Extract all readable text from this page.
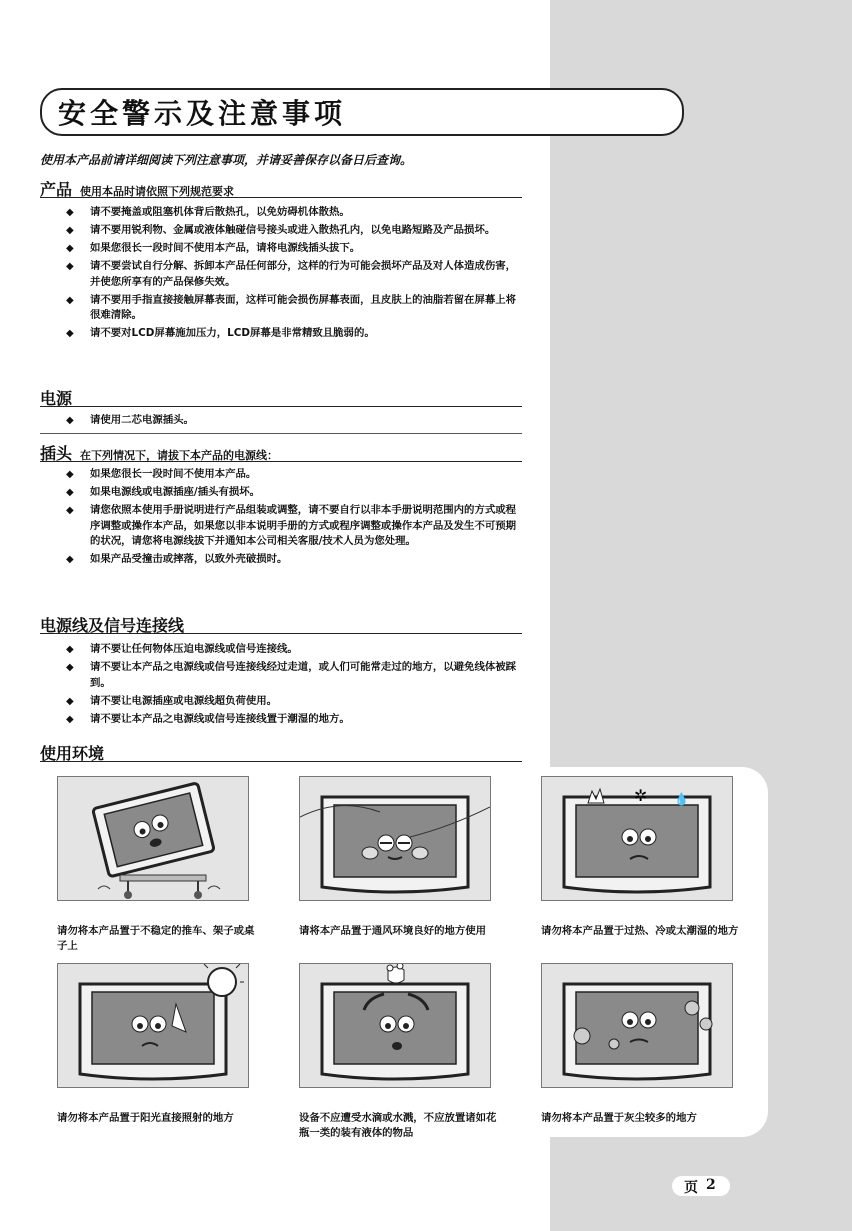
安全警示及注意事项
使用本产品前请详细阅读下列注意事项，并请妥善保存以备日后查询。
产品 使用本品时请依照下列规范要求
◆ 请不要掩盖或阻塞机体背后散热孔，以免妨碍机体散热。
◆ 请不要用锐利物、金属或液体触碰信号接头或进入散热孔内，以免电路短路及产品损坏。
◆ 如果您很长一段时间不使用本产品，请将电源线插头拔下。
◆ 请不要尝试自行分解、拆卸本产品任何部分，这样的行为可能会损坏产品及对人体造成伤害，并使您所享有的产品保修失效。
◆ 请不要用手指直接接触屏幕表面，这样可能会损伤屏幕表面，且皮肤上的油脂若留在屏幕上将很难清除。
◆ 请不要对LCD屏幕施加压力，LCD屏幕是非常精致且脆弱的。
电源
◆ 请使用二芯电源插头。
插头 在下列情况下，请拔下本产品的电源线：
◆ 如果您很长一段时间不使用本产品。
◆ 如果电源线或电源插座/插头有损坏。
◆ 请您依照本使用手册说明进行产品组装或调整，请不要自行以非本手册说明范围内的方式或程序调整或操作本产品，如果您以非本说明手册的方式或程序调整或操作本产品及发生不可预期的状况，请您将电源线拔下并通知本公司相关客服/技术人员为您处理。
◆ 如果产品受撞击或摔落，以致外壳破损时。
电源线及信号连接线
◆ 请不要让任何物体压迫电源线或信号连接线。
◆ 请不要让本产品之电源线或信号连接线经过走道，或人们可能常走过的地方，以避免线体被踩到。
◆ 请不要让电源插座或电源线超负荷使用。
◆ 请不要让本产品之电源线或信号连接线置于潮湿的地方。
使用环境
请勿将本产品置于不稳定的推车、架子或桌子上
请将本产品置于通风环境良好的地方使用
✲ 💧
请勿将本产品置于过热、冷或太潮湿的地方
请勿将本产品置于阳光直接照射的地方	设备不应遭受水滴或水溅，不应放置诸如花瓶一类的装有液体的物品
请勿将本产品置于灰尘较多的地方
页 2
